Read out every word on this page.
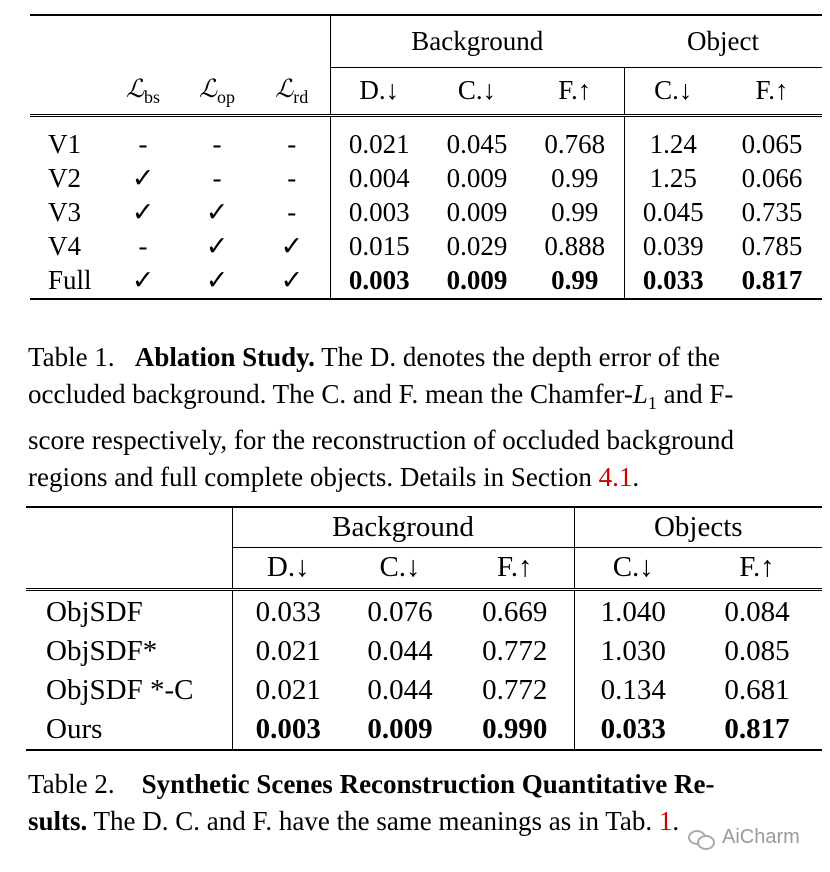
				Background			Object	
	ℒ$_{bs}$	ℒ$_{op}$	ℒ$_{rd}$	D.↓	C.↓	F.↑	C.↓	F.↑

V1	-	-	-	0.021	0.045	0.768	1.24	0.065
V2	✓	-	-	0.004	0.009	0.99	1.25	0.066
V3	✓	✓	-	0.003	0.009	0.99	0.045	0.735
V4	-	✓	✓	0.015	0.029	0.888	0.039	0.785
Full	✓	✓	✓	0.003	0.009	0.99	0.033	0.817
Table 1. Ablation Study. The D. denotes the depth error of the
occluded background. The C. and F. mean the Chamfer-$L_1$ and F-
score respectively, for the reconstruction of occluded background
regions and full complete objects. Details in Section 4.1.
	Background			Objects	
	D.↓	C.↓	F.↑	C.↓	F.↑

ObjSDF	0.033	0.076	0.669	1.040	0.084
ObjSDF*	0.021	0.044	0.772	1.030	0.085
ObjSDF *-C	0.021	0.044	0.772	0.134	0.681
Ours	0.003	0.009	0.990	0.033	0.817
Table 2. Synthetic Scenes Reconstruction Quantitative Re-
sults. The D. C. and F. have the same meanings as in Tab. 1.
AiCharm
